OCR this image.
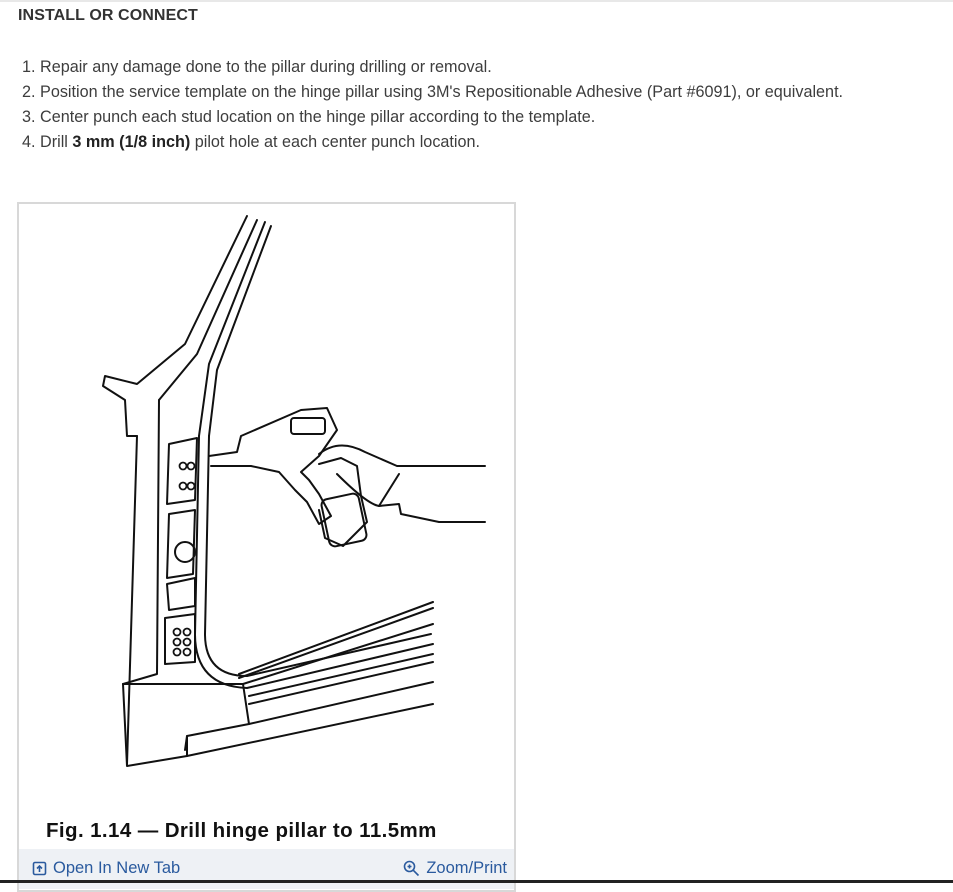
INSTALL OR CONNECT
1. Repair any damage done to the pillar during drilling or removal.
2. Position the service template on the hinge pillar using 3M's Repositionable Adhesive (Part #6091), or equivalent.
3. Center punch each stud location on the hinge pillar according to the template.
4. Drill 3 mm (1/8 inch) pilot hole at each center punch location.
Fig. 1.14 — Drill hinge pillar to 11.5mm
Open In New Tab	Zoom/Print
